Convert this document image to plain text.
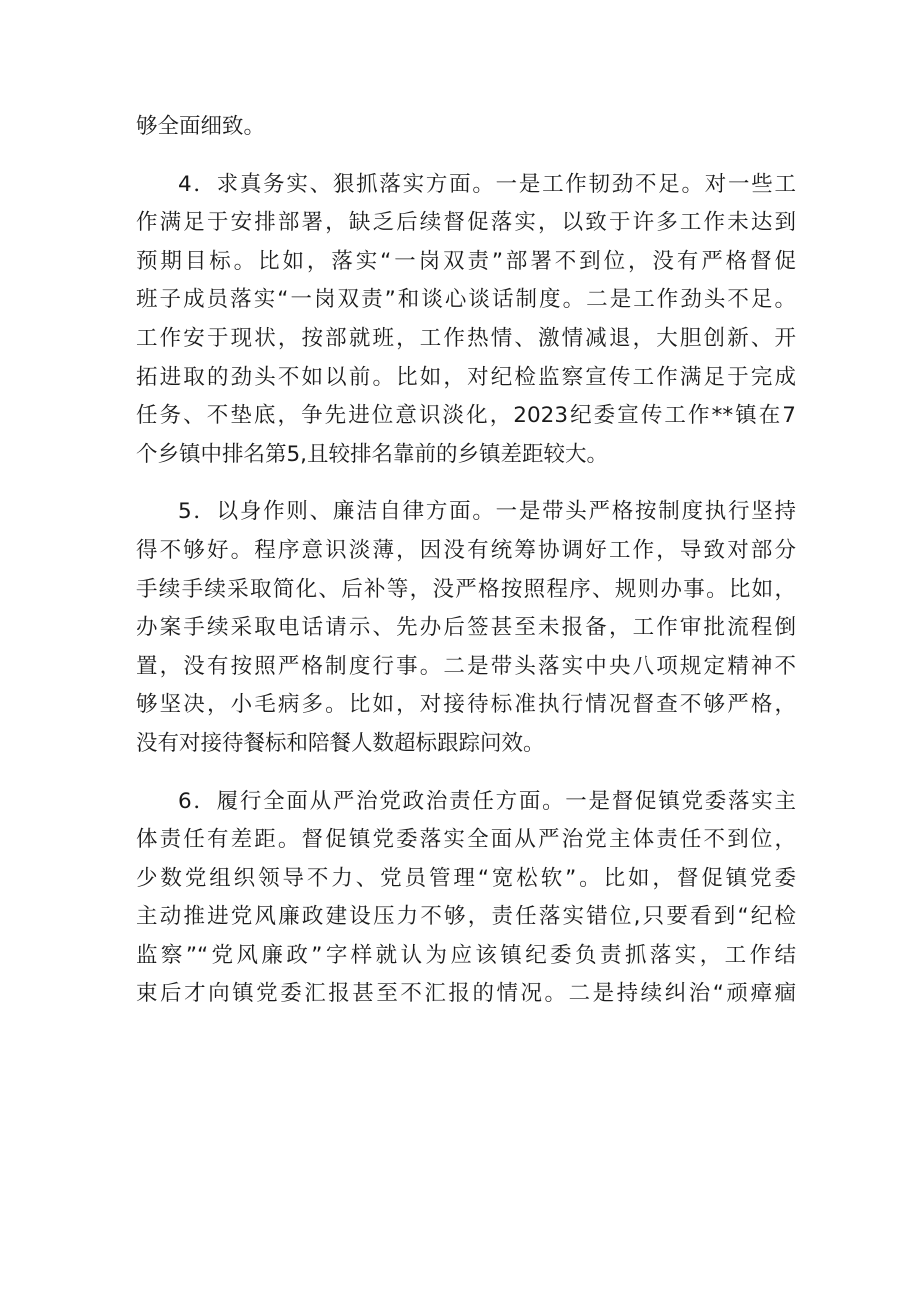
够全面细致。
4．求真务实、狠抓落实方面。一是工作韧劲不足。对一些工
作满足于安排部署，缺乏后续督促落实，以致于许多工作未达到
预期目标。比如，落实“一岗双责”部署不到位，没有严格督促
班子成员落实“一岗双责”和谈心谈话制度。二是工作劲头不足。
工作安于现状，按部就班，工作热情、激情减退，大胆创新、开
拓进取的劲头不如以前。比如，对纪检监察宣传工作满足于完成
任务、不垫底，争先进位意识淡化，2023纪委宣传工作**镇在7
个乡镇中排名第5,且较排名靠前的乡镇差距较大。
5．以身作则、廉洁自律方面。一是带头严格按制度执行坚持
得不够好。程序意识淡薄，因没有统筹协调好工作，导致对部分
手续手续采取简化、后补等，没严格按照程序、规则办事。比如，
办案手续采取电话请示、先办后签甚至未报备，工作审批流程倒
置，没有按照严格制度行事。二是带头落实中央八项规定精神不
够坚决，小毛病多。比如，对接待标准执行情况督查不够严格，
没有对接待餐标和陪餐人数超标跟踪问效。
6．履行全面从严治党政治责任方面。一是督促镇党委落实主
体责任有差距。督促镇党委落实全面从严治党主体责任不到位，
少数党组织领导不力、党员管理“宽松软”。比如，督促镇党委
主动推进党风廉政建设压力不够，责任落实错位,只要看到“纪检
监察”“党风廉政”字样就认为应该镇纪委负责抓落实，工作结
束后才向镇党委汇报甚至不汇报的情况。二是持续纠治“顽瘴痼
